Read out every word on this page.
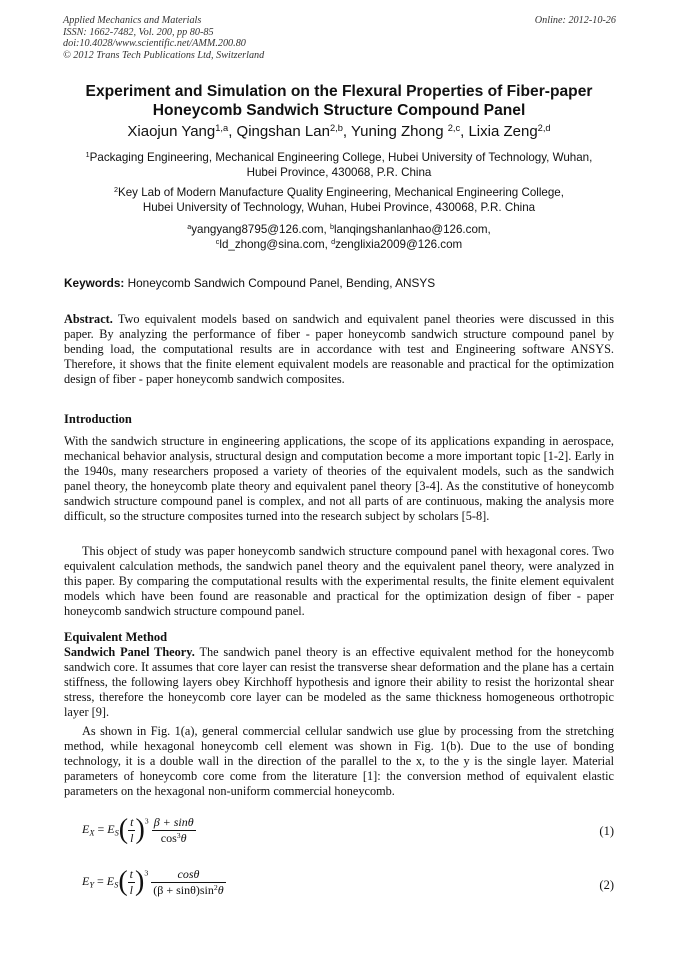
Applied Mechanics and Materials
ISSN: 1662-7482, Vol. 200, pp 80-85
doi:10.4028/www.scientific.net/AMM.200.80
© 2012 Trans Tech Publications Ltd, Switzerland
Online: 2012-10-26
Experiment and Simulation on the Flexural Properties of Fiber-paper
Honeycomb Sandwich Structure Compound Panel
Xiaojun Yang$^{1,a}$, Qingshan Lan$^{2,b}$, Yuning Zhong $^{2,c}$, Lixia Zeng$^{2,d}$
$^1$Packaging Engineering, Mechanical Engineering College, Hubei University of Technology, Wuhan,
Hubei Province, 430068, P.R. China
$^2$Key Lab of Modern Manufacture Quality Engineering, Mechanical Engineering College,
Hubei University of Technology, Wuhan, Hubei Province, 430068, P.R. China
$^a$yangyang8795@126.com, $^b$lanqingshanlanhao@126.com,
$^c$ld_zhong@sina.com, $^d$zenglixia2009@126.com
Keywords: Honeycomb Sandwich Compound Panel, Bending, ANSYS
Abstract. Two equivalent models based on sandwich and equivalent panel theories were discussed in this paper. By analyzing the performance of fiber - paper honeycomb sandwich structure compound panel by bending load, the computational results are in accordance with test and Engineering software ANSYS. Therefore, it shows that the finite element equivalent models are reasonable and practical for the optimization design of fiber - paper honeycomb sandwich composites.
Introduction
With the sandwich structure in engineering applications, the scope of its applications expanding in aerospace, mechanical behavior analysis, structural design and computation become a more important topic [1-2]. Early in the 1940s, many researchers proposed a variety of theories of the equivalent models, such as the sandwich panel theory, the honeycomb plate theory and equivalent panel theory [3-4]. As the constitutive of honeycomb sandwich structure compound panel is complex, and not all parts of are continuous, making the analysis more difficult, so the structure composites turned into the research subject by scholars [5-8].
This object of study was paper honeycomb sandwich structure compound panel with hexagonal cores. Two equivalent calculation methods, the sandwich panel theory and the equivalent panel theory, were analyzed in this paper. By comparing the computational results with the experimental results, the finite element equivalent models which have been found are reasonable and practical for the optimization design of fiber - paper honeycomb sandwich structure compound panel.
Equivalent Method
Sandwich Panel Theory. The sandwich panel theory is an effective equivalent method for the honeycomb sandwich core. It assumes that core layer can resist the transverse shear deformation and the plane has a certain stiffness, the following layers obey Kirchhoff hypothesis and ignore their ability to resist the horizontal shear stress, therefore the honeycomb core layer can be modeled as the same thickness homogeneous orthotropic layer [9].
As shown in Fig. 1(a), general commercial cellular sandwich use glue by processing from the stretching method, while hexagonal honeycomb cell element was shown in Fig. 1(b). Due to the use of bonding technology, it is a double wall in the direction of the parallel to the x, to the y is the single layer. Material parameters of honeycomb core come from the literature [1]: the conversion method of equivalent elastic parameters on the hexagonal non-uniform commercial honeycomb.
$E_X = E_S( \frac{t}{l} )^3 \frac{\beta + \sin\theta}{\cos^3\theta}$	(1)
$E_Y = E_S( \frac{t}{l} )^3 \frac{\cos\theta}{(\beta + \sin\theta)\sin^2\theta}$	(2)
